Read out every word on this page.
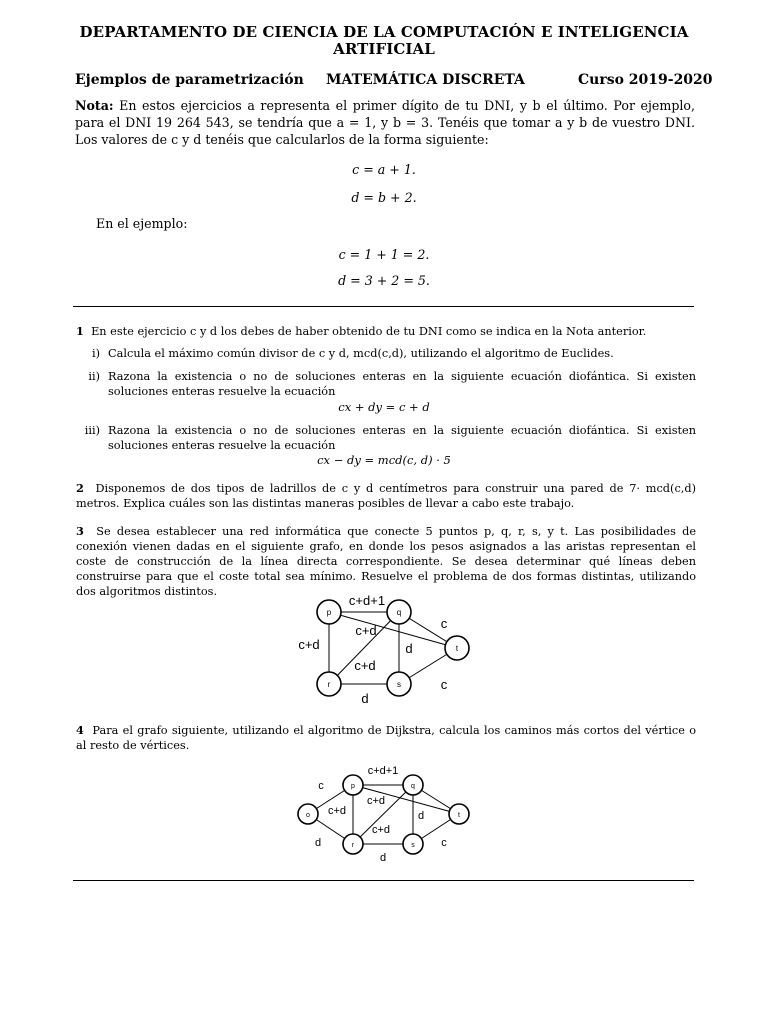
DEPARTAMENTO DE CIENCIA DE LA COMPUTACIÓN E INTELIGENCIA ARTIFICIAL
Ejemplos de parametrización MATEMÁTICA DISCRETA	Curso 2019-2020
Nota: En estos ejercicios a representa el primer dígito de tu DNI, y b el último. Por ejemplo, para el DNI 19 264 543, se tendría que a = 1, y b = 3. Tenéis que tomar a y b de vuestro DNI. Los valores de c y d tenéis que calcularlos de la forma siguiente:
c = a + 1.
d = b + 2.
En el ejemplo:
c = 1 + 1 = 2.
d = 3 + 2 = 5.
1 En este ejercicio c y d los debes de haber obtenido de tu DNI como se indica en la Nota anterior.
i) Calcula el máximo común divisor de c y d, mcd(c,d), utilizando el algoritmo de Euclides.
ii) Razona la existencia o no de soluciones enteras en la siguiente ecuación diofántica. Si existen soluciones enteras resuelve la ecuación
cx + dy = c + d
iii) Razona la existencia o no de soluciones enteras en la siguiente ecuación diofántica. Si existen soluciones enteras resuelve la ecuación
cx − dy = mcd(c, d) · 5
2 Disponemos de dos tipos de ladrillos de c y d centímetros para construir una pared de 7· mcd(c,d) metros. Explica cuáles son las distintas maneras posibles de llevar a cabo este trabajo.
3 Se desea establecer una red informática que conecte 5 puntos p, q, r, s, y t. Las posibilidades de conexión vienen dadas en el siguiente grafo, en donde los pesos asignados a las aristas representan el coste de construcción de la línea directa correspondiente. Se desea determinar qué líneas deben construirse para que el coste total sea mínimo. Resuelve el problema de dos formas distintas, utilizando dos algoritmos distintos.
p	q
r	s
t
c+d+1
c+d
c+d
c+d
d
c
d
c
4 Para el grafo siguiente, utilizando el algoritmo de Dijkstra, calcula los caminos más cortos del vértice o al resto de vértices.
o
p	q
r	s
t
c+d+1
c
c+d
c+d
c+d
d
d
d
c
